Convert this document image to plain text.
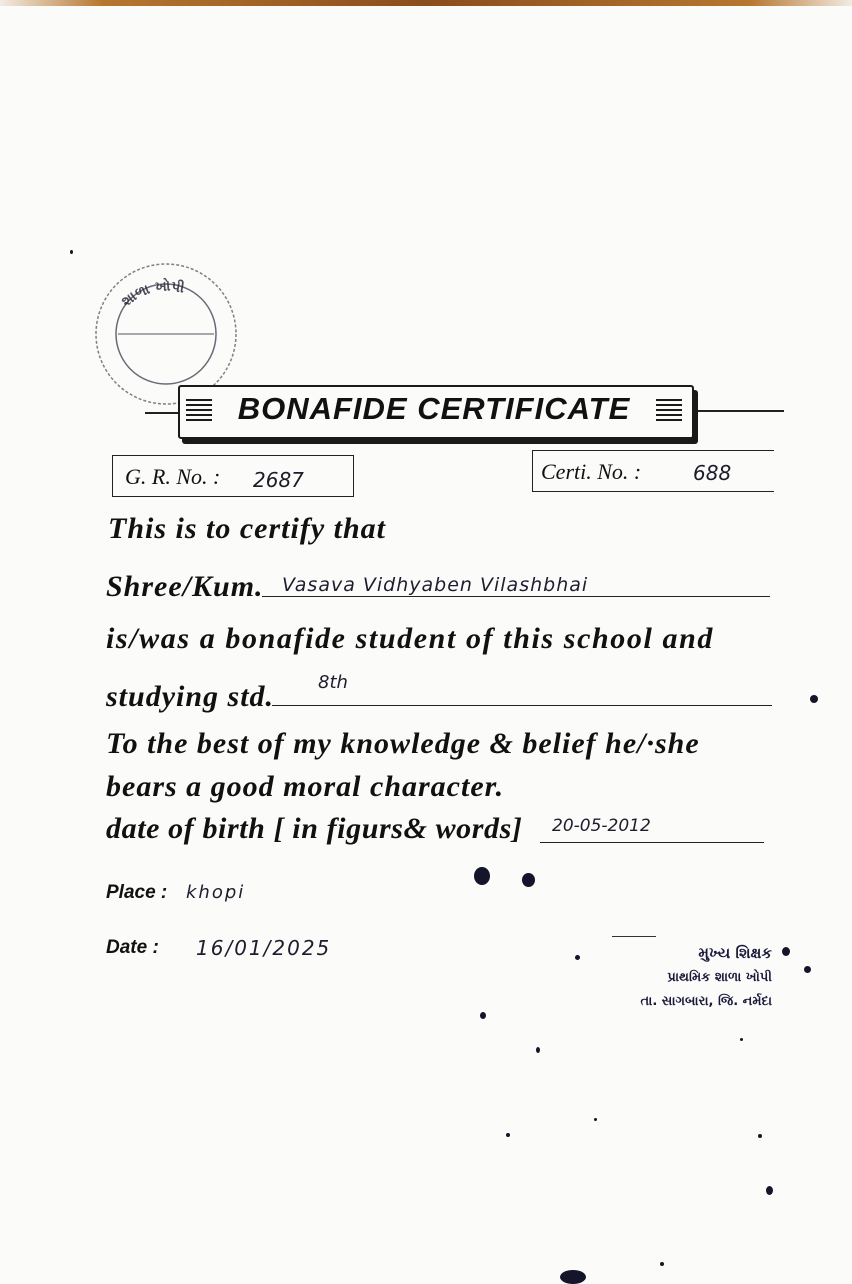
શાળા ખોપી
BONAFIDE CERTIFICATE
G. R. No. : 2687	Certi. No. :	688
This is to certify that
Shree/Kum. Vasava Vidhyaben Vilashbhai
is/was a bonafide student of this school and
studying std. 8th
To the best of my knowledge & belief he/·she
bears a good moral character.
date of birth [ in figurs& words] 20-05-2012
Place : khopi
Date : 16/01/2025	મુખ્ય શિક્ષક
પ્રાથમિક શાળા ખોપી
તા. સાગબારા, જિ. નર્મદા
